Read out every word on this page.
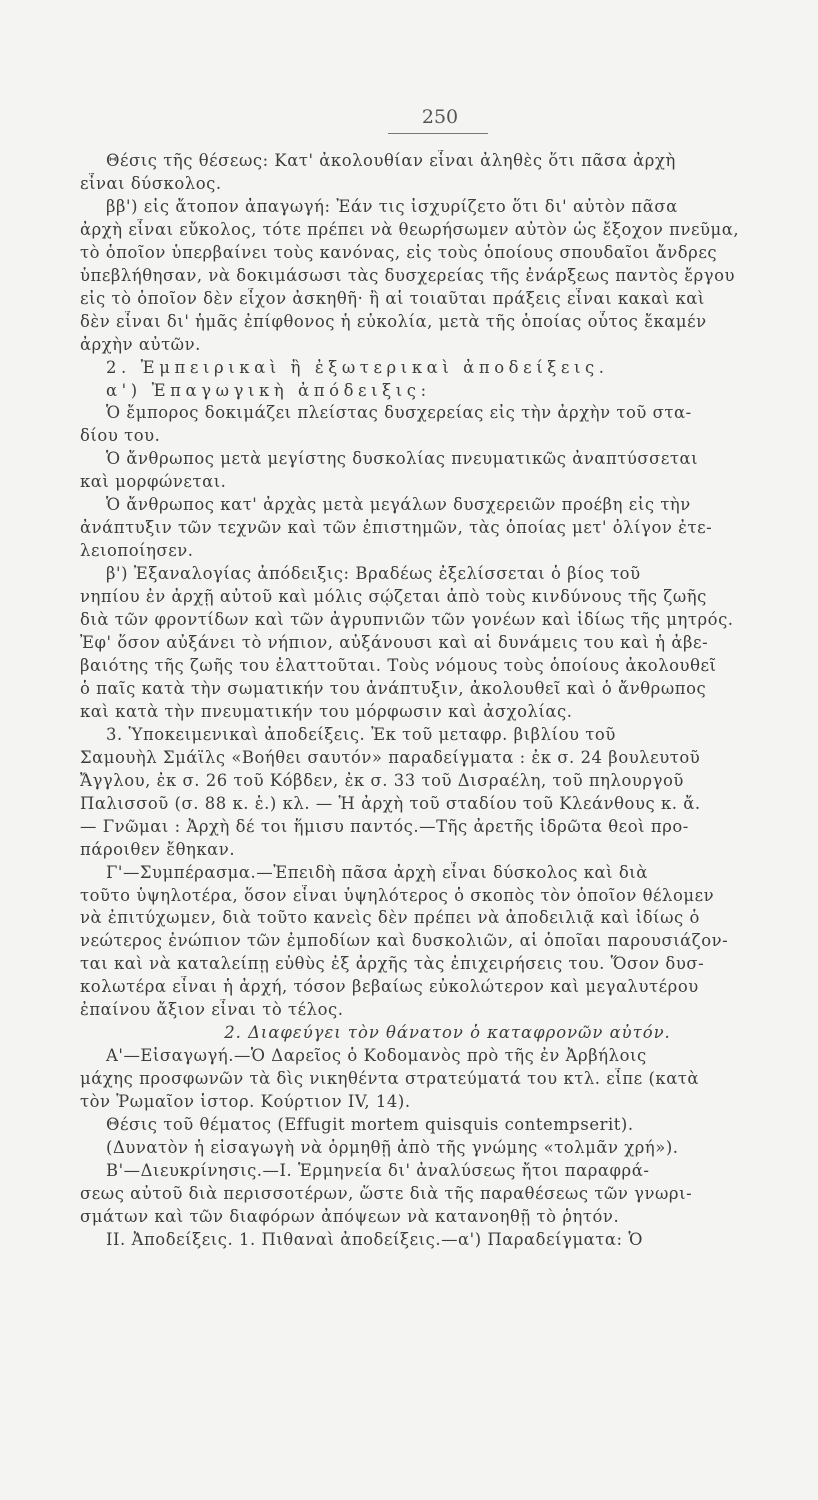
250

Θέσις τῆς θέσεως: Κατ' ἀκολουθίαν εἶναι ἀληθὲς ὅτι πᾶσα ἀρχὴ

εἶναι δύσκολος.

ββ') εἰς ἄτοπον ἀπαγωγή: Ἐάν τις ἰσχυρίζετο ὅτι δι' αὐτὸν πᾶσα

ἀρχὴ εἶναι εὔκολος, τότε πρέπει νὰ θεωρήσωμεν αὐτὸν ὡς ἔξοχον πνεῦμα,

τὸ ὁποῖον ὑπερβαίνει τοὺς κανόνας, εἰς τοὺς ὁποίους σπουδαῖοι ἄνδρες

ὑπεβλήθησαν, νὰ δοκιμάσωσι τὰς δυσχερείας τῆς ἐνάρξεως παντὸς ἔργου

εἰς τὸ ὁποῖον δὲν εἶχον ἀσκηθῆ· ἢ αἱ τοιαῦται πράξεις εἶναι κακαὶ καὶ

δὲν εἶναι δι' ἡμᾶς ἐπίφθονος ἡ εὐκολία, μετὰ τῆς ὁποίας οὗτος ἔκαμέν

ἀρχὴν αὐτῶν.

2. Ἐμπειρικαὶ ἢ ἐξωτερικαὶ ἀποδείξεις.

α') Ἐπαγωγικὴ ἀπόδειξις:

Ὁ ἔμπορος δοκιμάζει πλείστας δυσχερείας εἰς τὴν ἀρχὴν τοῦ στα-

δίου του.

Ὁ ἄνθρωπος μετὰ μεγίστης δυσκολίας πνευματικῶς ἀναπτύσσεται

καὶ μορφώνεται.

Ὁ ἄνθρωπος κατ' ἀρχὰς μετὰ μεγάλων δυσχερειῶν προέβη εἰς τὴν

ἀνάπτυξιν τῶν τεχνῶν καὶ τῶν ἐπιστημῶν, τὰς ὁποίας μετ' ὀλίγον ἐτε-

λειοποίησεν.

β') Ἐξαναλογίας ἀπόδειξις: Βραδέως ἐξελίσσεται ὁ βίος τοῦ

νηπίου ἐν ἀρχῇ αὐτοῦ καὶ μόλις σῴζεται ἀπὸ τοὺς κινδύνους τῆς ζωῆς

διὰ τῶν φροντίδων καὶ τῶν ἀγρυπνιῶν τῶν γονέων καὶ ἰδίως τῆς μητρός.

Ἐφ' ὅσον αὐξάνει τὸ νήπιον, αὐξάνουσι καὶ αἱ δυνάμεις του καὶ ἡ ἀβε-

βαιότης τῆς ζωῆς του ἐλαττοῦται. Τοὺς νόμους τοὺς ὁποίους ἀκολουθεῖ

ὁ παῖς κατὰ τὴν σωματικήν του ἀνάπτυξιν, ἀκολουθεῖ καὶ ὁ ἄνθρωπος

καὶ κατὰ τὴν πνευματικήν του μόρφωσιν καὶ ἀσχολίας.

3. Ὑποκειμενικαὶ ἀποδείξεις. Ἐκ τοῦ μεταφρ. βιβλίου τοῦ

Σαμουὴλ Σμάϊλς «Βοήθει σαυτόν» παραδείγματα : ἐκ σ. 24 βουλευτοῦ

Ἄγγλου, ἐκ σ. 26 τοῦ Κόβδεν, ἐκ σ. 33 τοῦ Δισραέλη, τοῦ πηλουργοῦ

Παλισσοῦ (σ. 88 κ. ἑ.) κλ. — Ἡ ἀρχὴ τοῦ σταδίου τοῦ Κλεάνθους κ. ἄ.

— Γνῶμαι : Ἀρχὴ δέ τοι ἥμισυ παντός.—Τῆς ἀρετῆς ἱδρῶτα θεοὶ προ-

πάροιθεν ἔθηκαν.

Γ'—Συμπέρασμα.—Ἐπειδὴ πᾶσα ἀρχὴ εἶναι δύσκολος καὶ διὰ

τοῦτο ὑψηλοτέρα, ὅσον εἶναι ὑψηλότερος ὁ σκοπὸς τὸν ὁποῖον θέλομεν

νὰ ἐπιτύχωμεν, διὰ τοῦτο κανεὶς δὲν πρέπει νὰ ἀποδειλιᾷ καὶ ἰδίως ὁ

νεώτερος ἐνώπιον τῶν ἐμποδίων καὶ δυσκολιῶν, αἱ ὁποῖαι παρουσιάζον-

ται καὶ νὰ καταλείπῃ εὐθὺς ἐξ ἀρχῆς τὰς ἐπιχειρήσεις του. Ὅσον δυσ-

κολωτέρα εἶναι ἡ ἀρχή, τόσον βεβαίως εὐκολώτερον καὶ μεγαλυτέρου

ἐπαίνου ἄξιον εἶναι τὸ τέλος.

2. Διαφεύγει τὸν θάνατον ὁ καταφρονῶν αὐτόν.

Α'—Εἰσαγωγή.—Ὁ Δαρεῖος ὁ Κοδομανὸς πρὸ τῆς ἐν Ἀρβήλοις

μάχης προσφωνῶν τὰ δὶς νικηθέντα στρατεύματά του κτλ. εἶπε (κατὰ

τὸν Ῥωμαῖον ἱστορ. Κούρτιον IV, 14).

Θέσις τοῦ θέματος (Effugit mortem quisquis contempserit).

(Δυνατὸν ἡ εἰσαγωγὴ νὰ ὁρμηθῇ ἀπὸ τῆς γνώμης «τολμᾶν χρή»).

Β'—Διευκρίνησις.—Ι. Ἑρμηνεία δι' ἀναλύσεως ἤτοι παραφρά-

σεως αὐτοῦ διὰ περισσοτέρων, ὥστε διὰ τῆς παραθέσεως τῶν γνωρι-

σμάτων καὶ τῶν διαφόρων ἀπόψεων νὰ κατανοηθῇ τὸ ῥητόν.

ΙΙ. Ἀποδείξεις. 1. Πιθαναὶ ἀποδείξεις.—α') Παραδείγματα: Ὁ
